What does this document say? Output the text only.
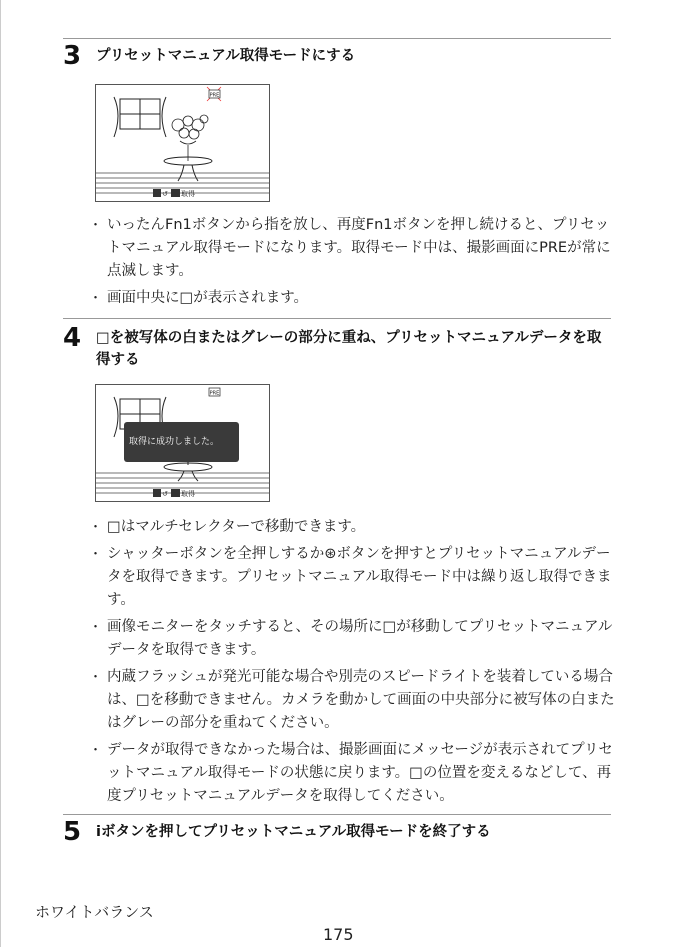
3 プリセットマニュアル取得モードにする
PRE
↺ 取得
・ いったんFn1ボタンから指を放し、再度Fn1ボタンを押し続けると、プリセットマニュアル取得モードになります。取得モード中は、撮影画面にPREが常に点滅します。
・ 画面中央に□が表示されます。
4 □を被写体の白またはグレーの部分に重ね、プリセットマニュアルデータを取得する
PRE
↺ 取得
取得に成功しました。
・ □はマルチセレクターで移動できます。
・ シャッターボタンを全押しするか⊛ボタンを押すとプリセットマニュアルデータを取得できます。プリセットマニュアル取得モード中は繰り返し取得できます。
・ 画像モニターをタッチすると、その場所に□が移動してプリセットマニュアルデータを取得できます。
・ 内蔵フラッシュが発光可能な場合や別売のスピードライトを装着している場合は、□を移動できません。カメラを動かして画面の中央部分に被写体の白またはグレーの部分を重ねてください。
・ データが取得できなかった場合は、撮影画面にメッセージが表示されてプリセットマニュアル取得モードの状態に戻ります。□の位置を変えるなどして、再度プリセットマニュアルデータを取得してください。
5 iボタンを押してプリセットマニュアル取得モードを終了する
ホワイトバランス
175
